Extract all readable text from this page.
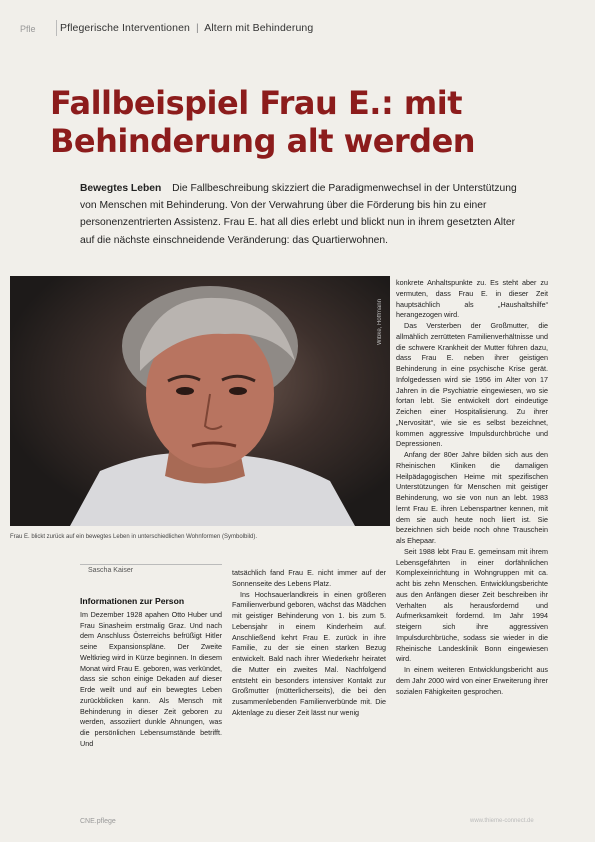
Pfle Pflegerische Interventionen | Altern mit Behinderung
Fallbeispiel Frau E.: mit Behinderung alt werden

Bewegtes Leben Die Fallbeschreibung skizziert die Paradigmenwechsel in der Unterstützung von Menschen mit Behinderung. Von der Verwahrung über die Förderung bis hin zu einer personenzentrierten Assistenz. Frau E. hat all dies erlebt und blickt nun in ihrem gesetzten Alter auf die nächste einschneidende Veränderung: das Quartierwohnen.

Wibke, Hoffmann
Frau E. blickt zurück auf ein bewegtes Leben in unterschiedlichen Wohnformen (Symbolbild).
Sascha Kaiser
Informationen zur Person

Im Dezember 1928 apahen Otto Huber und Frau Sinasheim erstmalig Graz. Und nach dem Anschluss Österreichs befrüßigt Hitler seine Expansionspläne. Der Zweite Weltkrieg wird in Kürze beginnen. In diesem Monat wird Frau E. geboren, was verkündet, dass sie schon einige Dekaden auf dieser Erde weilt und auf ein bewegtes Leben zurückblicken kann. Als Mensch mit Behinderung in dieser Zeit geboren zu werden, assoziiert dunkle Ahnungen, was die persönlichen Lebensumstände betrifft. Und

tatsächlich fand Frau E. nicht immer auf der Sonnenseite des Lebens Platz.

Ins Hochsauerlandkreis in einen größeren Familienverbund geboren, wächst das Mädchen mit geistiger Behinderung von 1. bis zum 5. Lebensjahr in einem Kinderheim auf. Anschließend kehrt Frau E. zurück in ihre Familie, zu der sie einen starken Bezug entwickelt. Bald nach ihrer Wiederkehr heiratet die Mutter ein zweites Mal. Nachfolgend entsteht ein besonders intensiver Kontakt zur Großmutter (mütterlicherseits), die bei den zusammenlebenden Familienverbünde mit. Die Aktenlage zu dieser Zeit lässt nur wenig

konkrete Anhaltspunkte zu. Es steht aber zu vermuten, dass Frau E. in dieser Zeit hauptsächlich als „Haushaltshilfe“ herangezogen wird.

Das Versterben der Großmutter, die allmählich zerrütteten Familienverhältnisse und die schwere Krankheit der Mutter führen dazu, dass Frau E. neben ihrer geistigen Behinderung in eine psychische Krise gerät. Infolgedessen wird sie 1956 im Alter von 17 Jahren in die Psychiatrie eingewiesen, wo sie fortan lebt. Sie entwickelt dort eindeutige Zeichen einer Hospitalisierung. Zu ihrer „Nervosität“, wie sie es selbst bezeichnet, kommen aggressive Impulsdurchbrüche und Depressionen.

Anfang der 80er Jahre bilden sich aus den Rheinischen Kliniken die damaligen Heilpädagogischen Heime mit spezifischen Unterstützungen für Menschen mit geistiger Behinderung, wo sie von nun an lebt. 1983 lernt Frau E. ihren Lebenspartner kennen, mit dem sie auch heute noch liiert ist. Sie bezeichnen sich beide noch ohne Trauschein als Ehepaar.

Seit 1988 lebt Frau E. gemeinsam mit ihrem Lebensgefährten in einer dorfähnlichen Komplexeinrichtung in Wohngruppen mit ca. acht bis zehn Menschen. Entwicklungsberichte aus den Anfängen dieser Zeit beschreiben ihr Verhalten als herausfordernd und Aufmerksamkeit fordernd. Im Jahr 1994 steigern sich ihre aggressiven Impulsdurchbrüche, sodass sie wieder in die Rheinische Landesklinik Bonn eingewiesen wird.

In einem weiteren Entwicklungsbericht aus dem Jahr 2000 wird von einer Erweiterung ihrer sozialen Fähigkeiten gesprochen.

CNE.pflege	www.thieme-connect.de
